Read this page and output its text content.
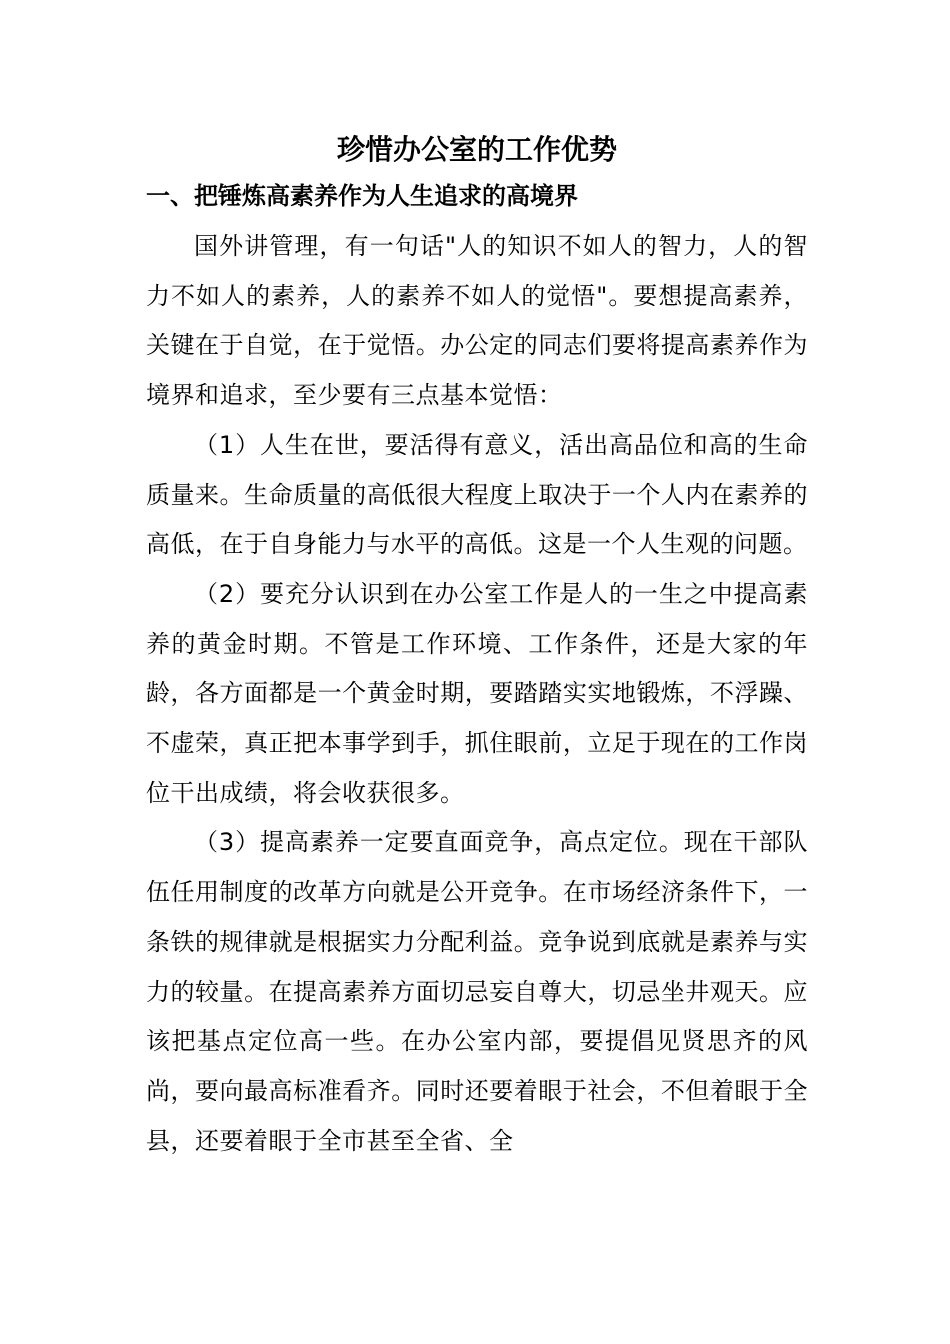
珍惜办公室的工作优势
一、把锤炼高素养作为人生追求的高境界

国外讲管理，有一句话"人的知识不如人的智力，人的智力不如人的素养，人的素养不如人的觉悟"。要想提高素养，关键在于自觉，在于觉悟。办公定的同志们要将提高素养作为境界和追求，至少要有三点基本觉悟：

（1）人生在世，要活得有意义，活出高品位和高的生命质量来。生命质量的高低很大程度上取决于一个人内在素养的高低，在于自身能力与水平的高低。这是一个人生观的问题。

（2）要充分认识到在办公室工作是人的一生之中提高素养的黄金时期。不管是工作环境、工作条件，还是大家的年龄，各方面都是一个黄金时期，要踏踏实实地锻炼，不浮躁、不虚荣，真正把本事学到手，抓住眼前，立足于现在的工作岗位干出成绩，将会收获很多。

（3）提高素养一定要直面竞争，高点定位。现在干部队伍任用制度的改革方向就是公开竞争。在市场经济条件下，一条铁的规律就是根据实力分配利益。竞争说到底就是素养与实力的较量。在提高素养方面切忌妄自尊大，切忌坐井观天。应该把基点定位高一些。在办公室内部，要提倡见贤思齐的风尚，要向最高标准看齐。同时还要着眼于社会，不但着眼于全县，还要着眼于全市甚至全省、全
